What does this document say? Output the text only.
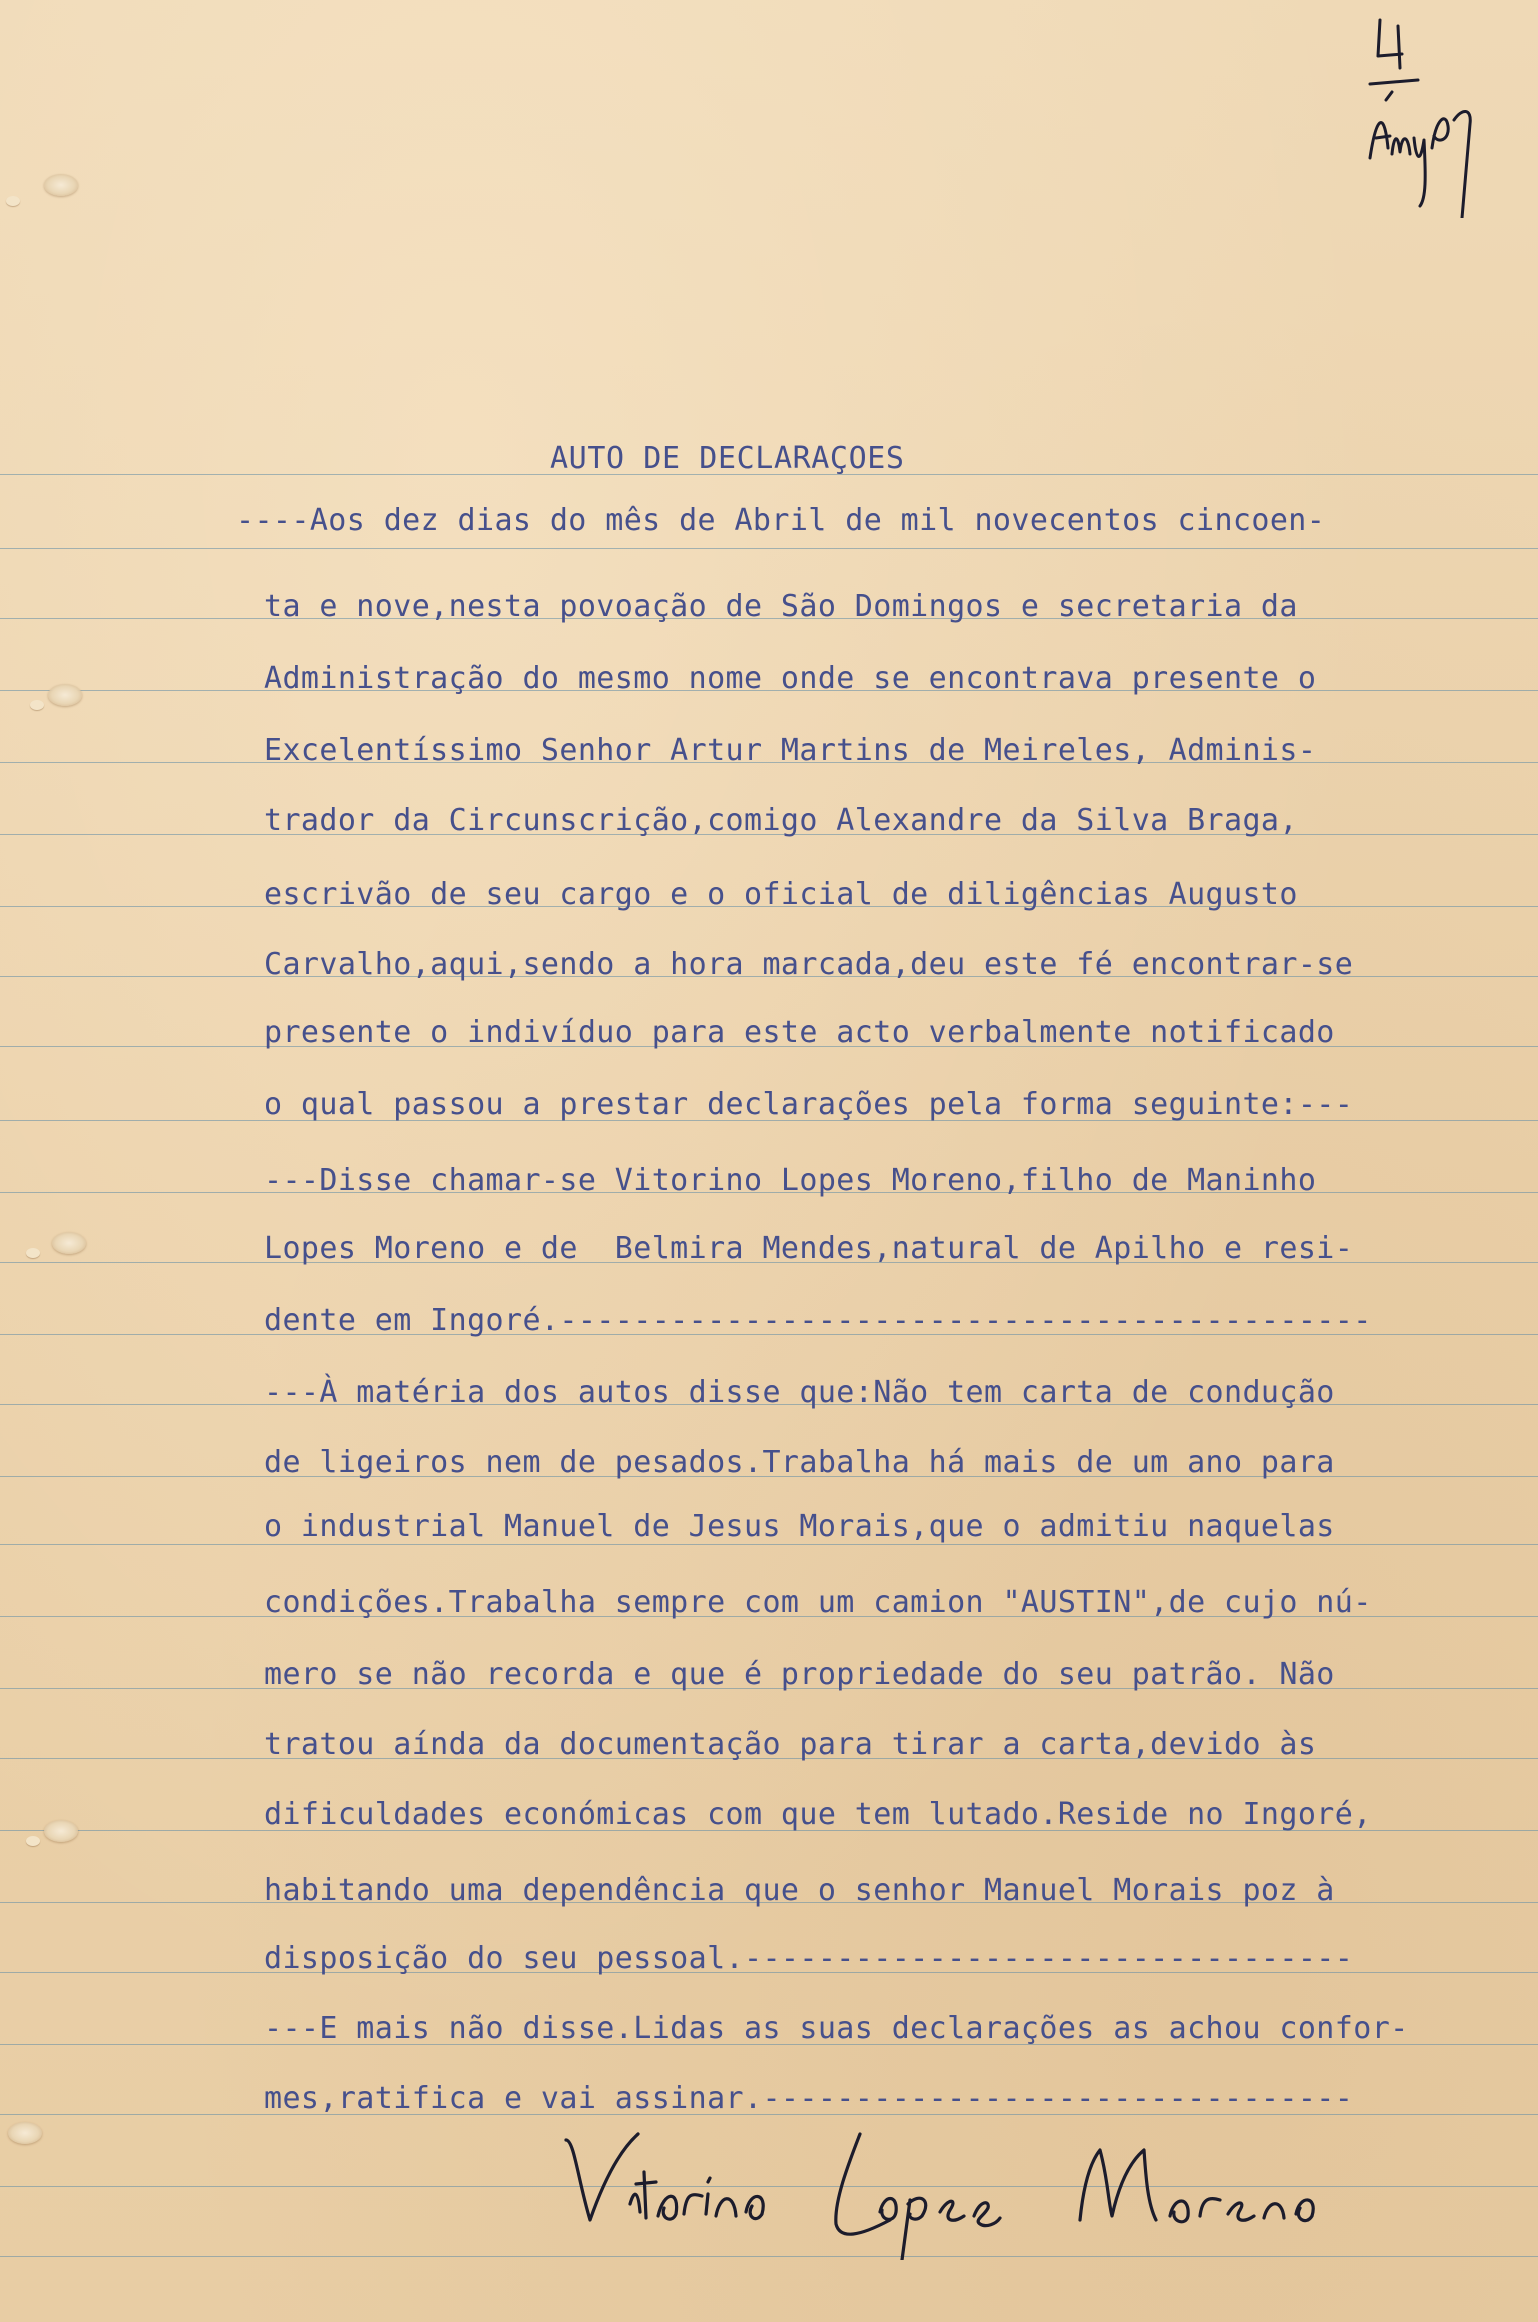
AUTO DE DECLARAÇOES

----Aos dez dias do mês de Abril de mil novecentos cincoen-

ta e nove,nesta povoação de São Domingos e secretaria da

Administração do mesmo nome onde se encontrava presente o

Excelentíssimo Senhor Artur Martins de Meireles, Adminis-

trador da Circunscrição,comigo Alexandre da Silva Braga,

escrivão de seu cargo e o oficial de diligências Augusto

Carvalho,aqui,sendo a hora marcada,deu este fé encontrar-se

presente o indivíduo para este acto verbalmente notificado

o qual passou a prestar declarações pela forma seguinte:---

---Disse chamar-se Vitorino Lopes Moreno,filho de Maninho

Lopes Moreno e de  Belmira Mendes,natural de Apilho e resi-

dente em Ingoré.--------------------------------------------

---À matéria dos autos disse que:Não tem carta de condução

de ligeiros nem de pesados.Trabalha há mais de um ano para

o industrial Manuel de Jesus Morais,que o admitiu naquelas

condições.Trabalha sempre com um camion "AUSTIN",de cujo nú-

mero se não recorda e que é propriedade do seu patrão. Não

tratou aínda da documentação para tirar a carta,devido às

dificuldades económicas com que tem lutado.Reside no Ingoré,

habitando uma dependência que o senhor Manuel Morais poz à

disposição do seu pessoal.---------------------------------

---E mais não disse.Lidas as suas declarações as achou confor-

mes,ratifica e vai assinar.--------------------------------
